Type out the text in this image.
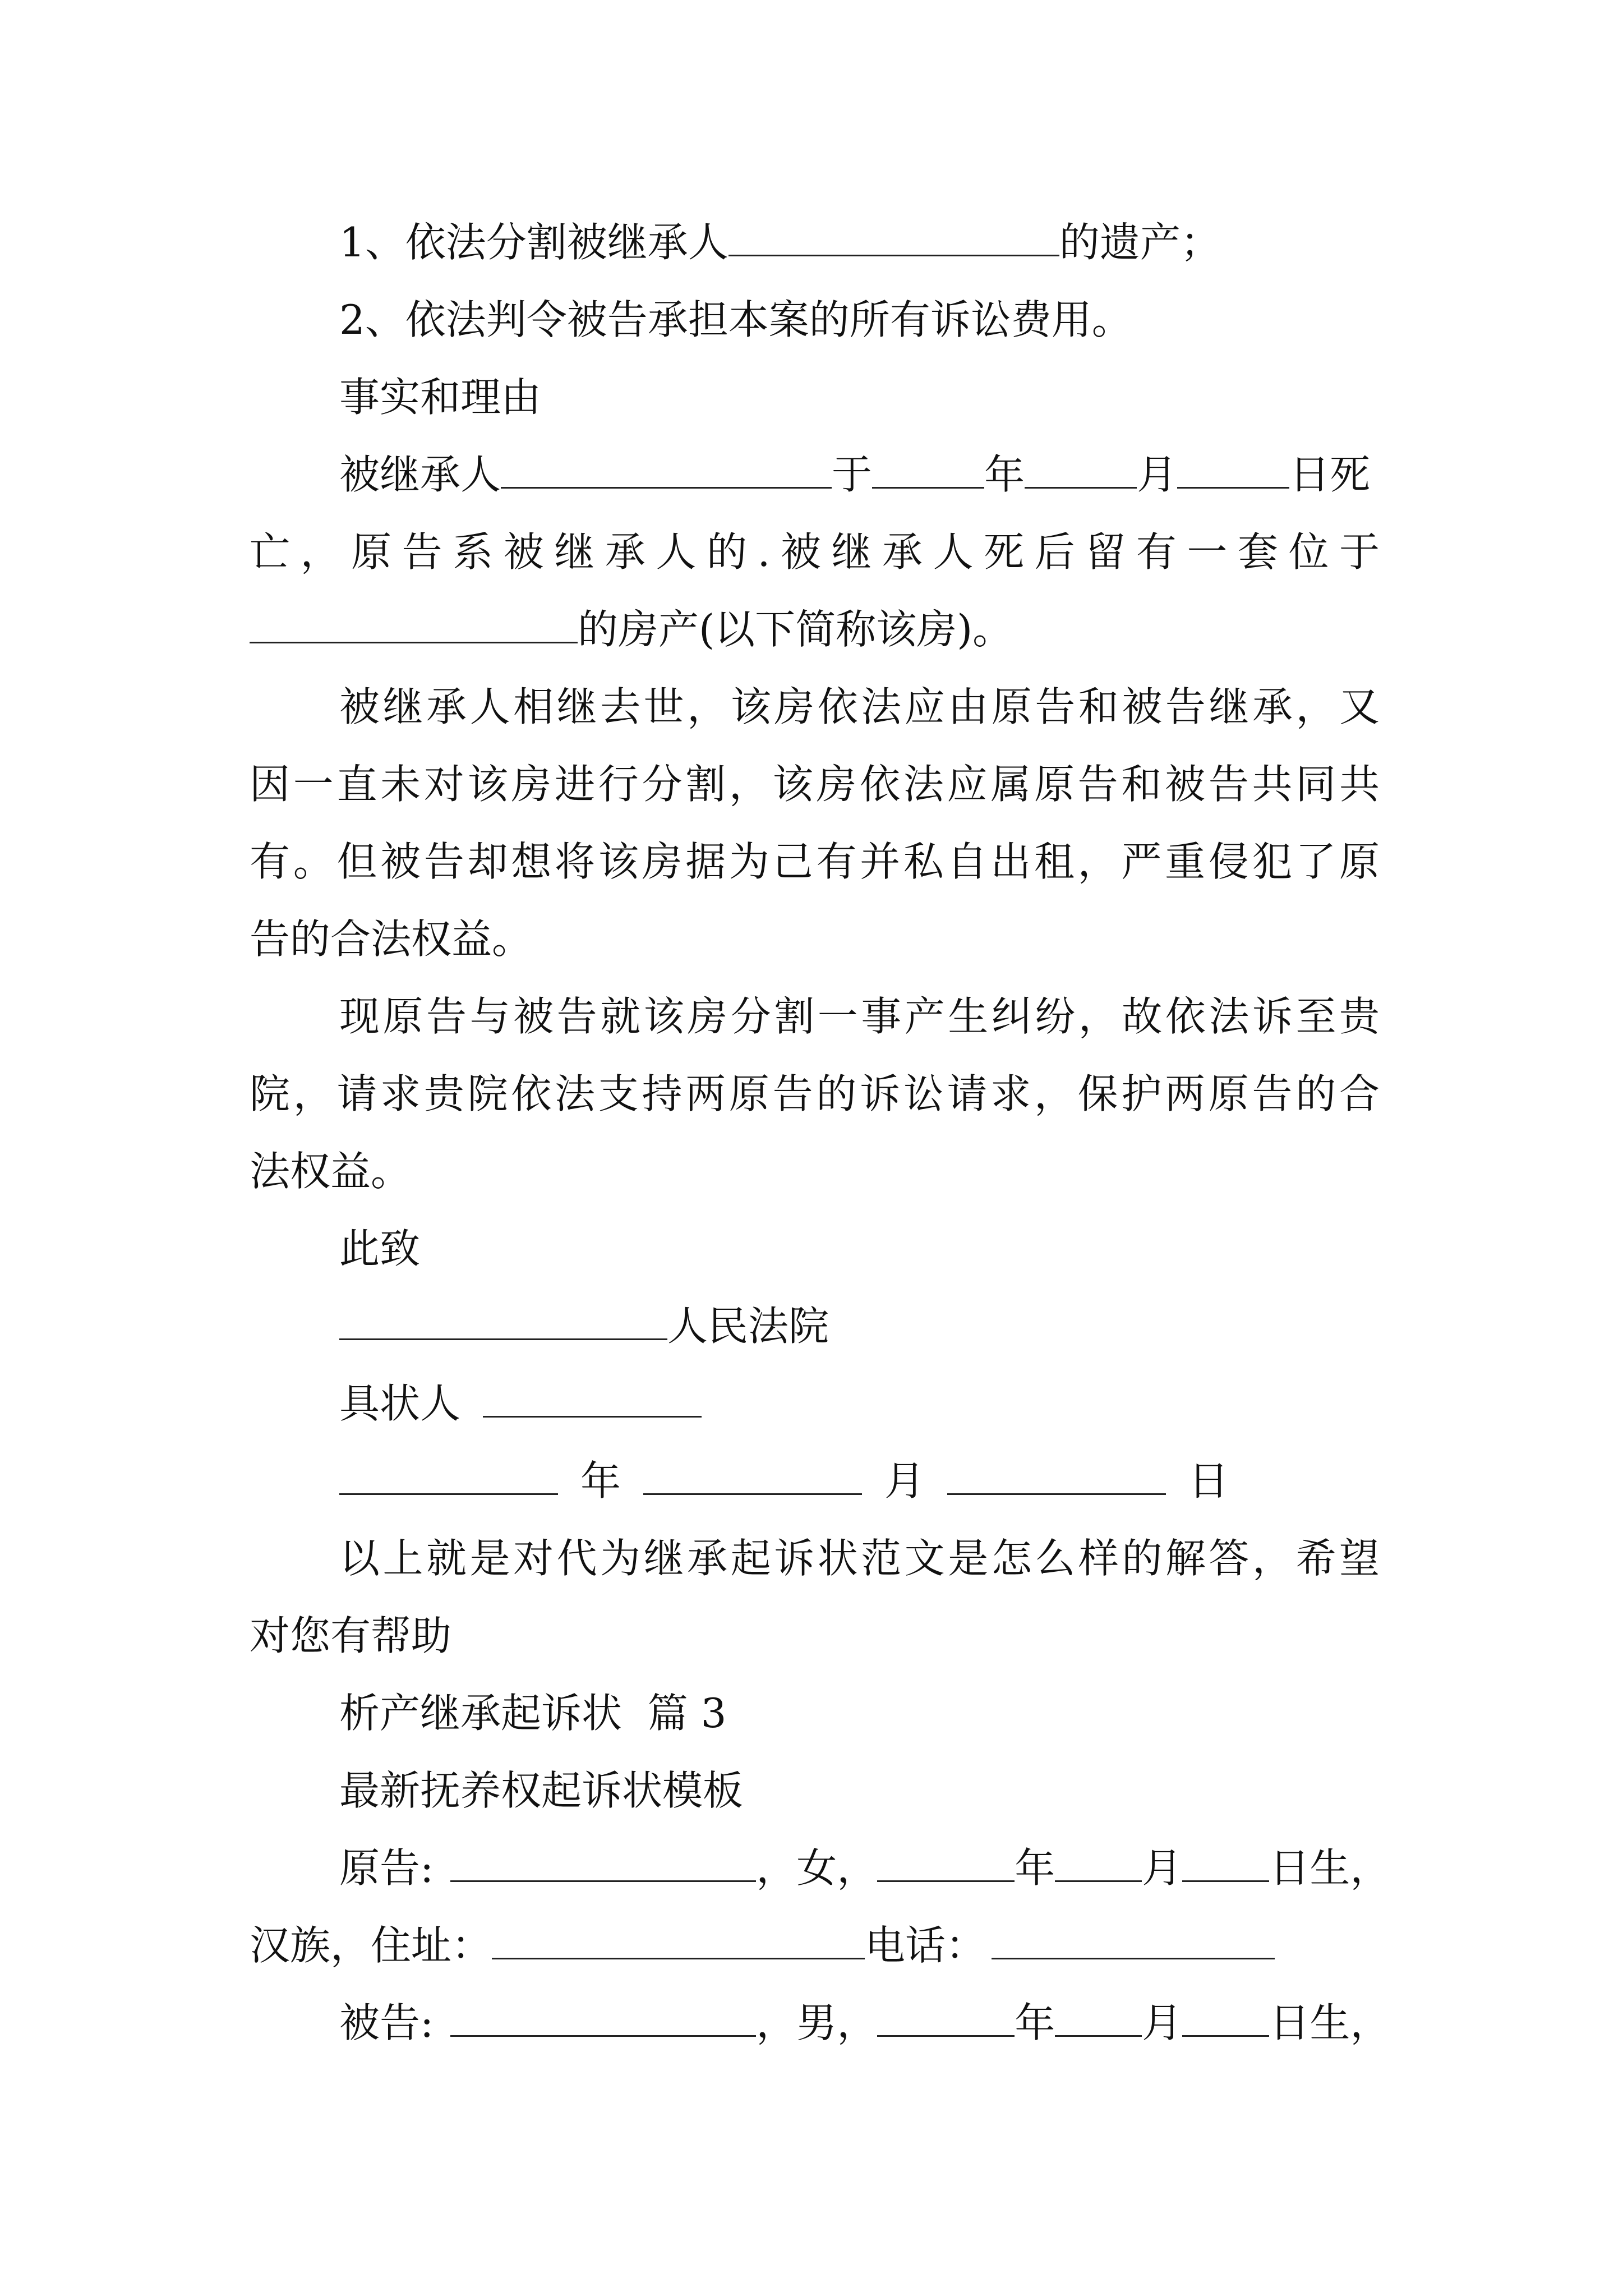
1、依法分割被继承人	的遗产；
2、依法判令被告承担本案的所有诉讼费用。
事实和理由
被继承人	于	年	月	日死
亡，原告系被继承人的.被继承人死后留有一套位于
的房产(以下简称该房)。
被继承人相继去世，该房依法应由原告和被告继承，又
因一直未对该房进行分割，该房依法应属原告和被告共同共
有。但被告却想将该房据为己有并私自出租，严重侵犯了原
告的合法权益。
现原告与被告就该房分割一事产生纠纷，故依法诉至贵
院，请求贵院依法支持两原告的诉讼请求，保护两原告的合
法权益。
此致
人民法院
具状人
年	月	日
以上就是对代为继承起诉状范文是怎么样的解答，希望
对您有帮助
析产继承起诉状  篇 3
最新抚养权起诉状模板
原告:	，女，	年 月 日生，
汉族，住址：	电话：
被告:	，男，	年 月 日生，
